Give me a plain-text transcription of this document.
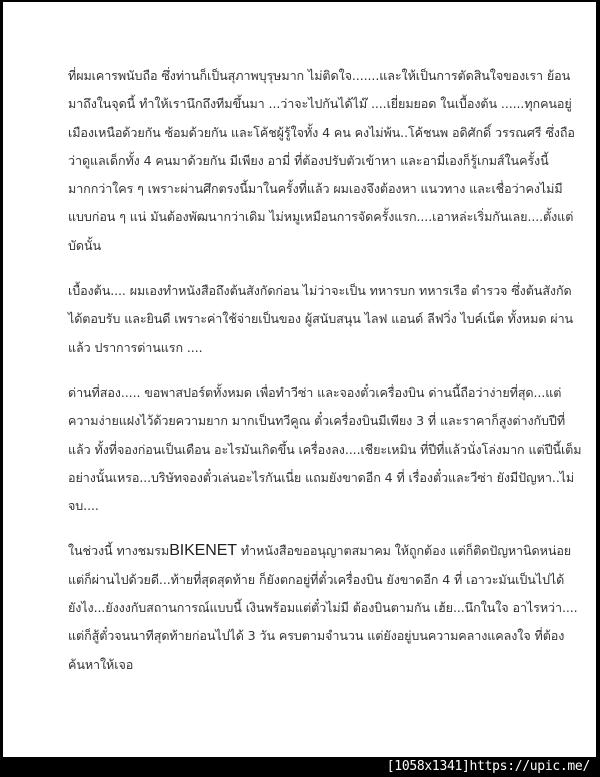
ที่ผมเคารพนับถือ ซึ่งท่านก็เป็นสุภาพบุรุษมาก ไม่ติดใจ.......และให้เป็นการตัดสินใจของเรา ย้อน
มาถึงในจุดนี้ ทำให้เรานึกถึงทีมขึ้นมา ...ว่าจะไปกันได้ไม๊ ....เยี่ยมยอด ในเบื้องต้น ......ทุกคนอยู่
เมืองเหนือด้วยกัน ซ้อมด้วยกัน และโค้ชผู้รู้ใจทั้ง 4 คน คงไม่พ้น..โค้ชนพ อดิศักดิ์ วรรณศรี ซึ่งถือ
ว่าดูแลเด็กทั้ง 4 คนมาด้วยกัน มีเพียง อามี่ ที่ต้องปรับตัวเข้าหา และอามี่เองก็รู้เกมส์ในครั้งนี้
มากกว่าใคร ๆ เพราะผ่านศึกตรงนี้มาในครั้งที่แล้ว ผมเองจึงต้องหา แนวทาง และเชื่อว่าคงไม่มี
แบบก่อน ๆ แน่ มันต้องพัฒนากว่าเดิม ไม่หมูเหมือนการจัดครั้งแรก....เอาหล่ะเริ่มกันเลย....ตั้งแต่
บัดนั้น
เบื้องต้น.... ผมเองทำหนังสือถึงต้นสังกัดก่อน ไม่ว่าจะเป็น ทหารบก ทหารเรือ ตำรวจ ซึ่งต้นสังกัด
ได้ตอบรับ และยินดี เพราะค่าใช้จ่ายเป็นของ ผู้สนับสนุน ไลฟ แอนด์ ลีฟวิ่ง ไบค์เน็ต ทั้งหมด ผ่าน
แล้ว ปราการด่านแรก ....
ด่านที่สอง..... ขอพาสปอร์ตทั้งหมด เพื่อทำวีซ่า และจองตั๋วเครื่องบิน ด่านนี้ถือว่าง่ายที่สุด...แต่
ความง่ายแฝงไว้ด้วยความยาก มากเป็นทวีคูณ ตั๋วเครื่องบินมีเพียง 3 ที่ และราคาก็สูงต่างกับปีที่
แล้ว ทั้งที่จองก่อนเป็นเดือน อะไรมันเกิดขึ้น เครื่องลง....เชียะเหมิน ที่ปีที่แล้วนั่งโล่งมาก แต่ปีนี้เต็ม
อย่างนั้นเหรอ...บริษัทจองตั๋วเล่นอะไรกันเนี่ย แถมยังขาดอีก 4 ที่ เรื่องตั๋วและวีซ่า ยังมีปัญหา..ไม่
จบ....
ในช่วงนี้ ทางชมรมBIKENET ทำหนังสือขออนุญาตสมาคม ให้ถูกต้อง แต่ก็ติดปัญหานิดหน่อย
แต่ก็ผ่านไปด้วยดี...ท้ายที่สุดสุดท้าย ก็ยังตกอยู่ที่ตั๋วเครื่องบิน ยังขาดอีก 4 ที่ เอาวะมันเป็นไปได้
ยังไง...ยังงงกับสถานการณ์แบบนี้ เงินพร้อมแต่ตั๋วไม่มี ต้องบินตามกัน เฮ้ย...นึกในใจ อาไรหว่า....
แต่ก็สู้ตั๋วจนนาทีสุดท้ายก่อนไปได้ 3 วัน ครบตามจำนวน แต่ยังอยู่บนความคลางแคลงใจ ที่ต้อง
ค้นหาให้เจอ
[1058x1341]https://upic.me/
